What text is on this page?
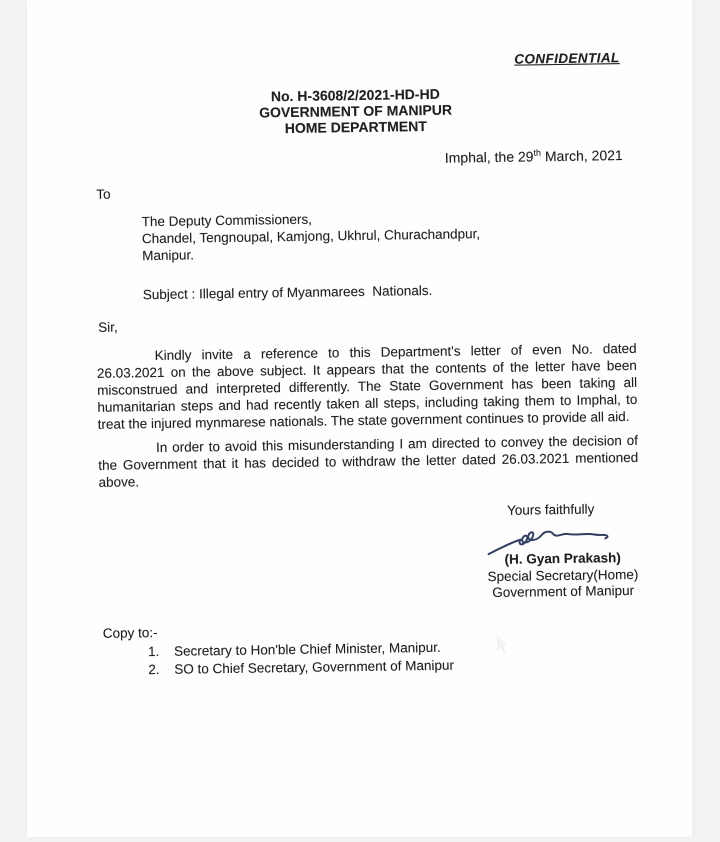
CONFIDENTIAL
No. H-3608/2/2021-HD-HD
GOVERNMENT OF MANIPUR
HOME DEPARTMENT
Imphal, the 29th March, 2021
To
The Deputy Commissioners,
Chandel, Tengnoupal, Kamjong, Ukhrul, Churachandpur,
Manipur.
Subject : Illegal entry of Myanmarees  Nationals.
Sir,
Kindly invite a reference to this Department's letter of even No. dated 26.03.2021 on the above subject. It appears that the contents of the letter have been misconstrued and interpreted differently. The State Government has been taking all humanitarian steps and had recently taken all steps, including taking them to Imphal, to treat the injured mynmarese nationals. The state government continues to provide all aid.
In order to avoid this misunderstanding I am directed to convey the decision of the Government that it has decided to withdraw the letter dated 26.03.2021 mentioned above.
Yours faithfully
(H. Gyan Prakash)
Special Secretary(Home)
Government of Manipur
Copy to:-
1.	Secretary to Hon'ble Chief Minister, Manipur.
2.	SO to Chief Secretary, Government of Manipur
